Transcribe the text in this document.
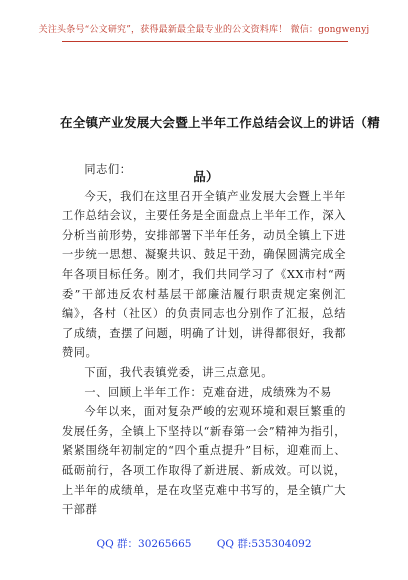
关注头条号“公文研究”，获得最新最全最专业的公文资料库！ 微信：gongwenyj
在全镇产业发展大会暨上半年工作总结会议上的讲话（精
品）

同志们：

今天，我们在这里召开全镇产业发展大会暨上半年工作总结会议，主要任务是全面盘点上半年工作，深入分析当前形势，安排部署下半年任务，动员全镇上下进一步统一思想、凝聚共识、鼓足干劲，确保圆满完成全年各项目标任务。刚才，我们共同学习了《XX市村“两委”干部违反农村基层干部廉洁履行职责规定案例汇编》，各村（社区）的负责同志也分别作了汇报，总结了成绩，查摆了问题，明确了计划，讲得都很好，我都赞同。

下面，我代表镇党委，讲三点意见。

一、回顾上半年工作：克难奋进，成绩殊为不易

今年以来，面对复杂严峻的宏观环境和艰巨繁重的发展任务，全镇上下坚持以“新春第一会”精神为指引，紧紧围绕年初制定的“四个重点提升”目标，迎难而上、砥砺前行，各项工作取得了新进展、新成效。可以说，上半年的成绩单，是在攻坚克难中书写的，是全镇广大干部群

QQ 群：30265665 QQ 群:535304092
